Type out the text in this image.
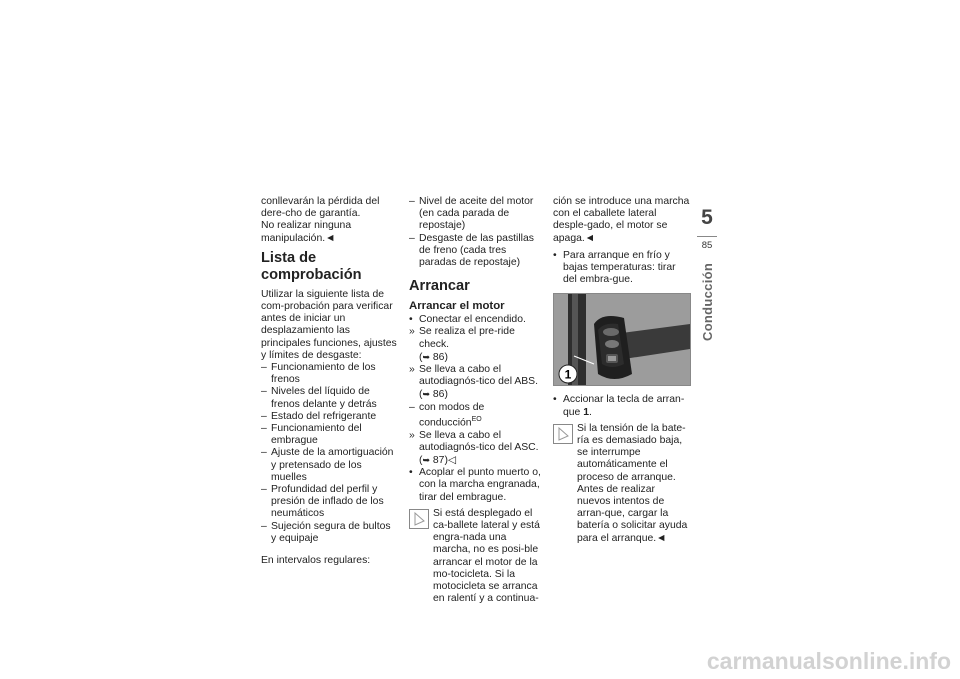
conllevarán la pérdida del dere-cho de garantía.

No realizar ninguna manipulación.◄

Lista de comprobación

Utilizar la siguiente lista de com-probación para verificar antes de iniciar un desplazamiento las principales funciones, ajustes y límites de desgaste:

– Funcionamiento de los frenos
– Niveles del líquido de frenos delante y detrás
– Estado del refrigerante
– Funcionamiento del embrague
– Ajuste de la amortiguación y pretensado de los muelles
– Profundidad del perfil y presión de inflado de los neumáticos
– Sujeción segura de bultos y equipaje

En intervalos regulares:

– Nivel de aceite del motor (en cada parada de repostaje)
– Desgaste de las pastillas de freno (cada tres paradas de repostaje)
Arrancar
Arrancar el motor
• Conectar el encendido.
» Se realiza el pre-ride check.
(➥ 86)
» Se lleva a cabo el autodiagnós-tico del ABS. (➥ 86)
– con modos de conducción$^{EO}$
» Se lleva a cabo el autodiagnós-tico del ASC. (➥ 87)◁
• Acoplar el punto muerto o, con la marcha engranada, tirar del embrague.
Si está desplegado el ca-ballete lateral y está engra-nada una marcha, no es posi-ble arrancar el motor de la mo-tocicleta. Si la motocicleta se arranca en ralentí y a continua-

ción se introduce una marcha con el caballete lateral desple-gado, el motor se apaga.◄

• Para arranque en frío y bajas temperaturas: tirar del embra-gue.
1
• Accionar la tecla de arran-que 1.
Si la tensión de la bate-ría es demasiado baja, se interrumpe automáticamente el proceso de arranque. Antes de realizar nuevos intentos de arran-que, cargar la batería o solicitar ayuda para el arranque.◄
5
85
Conducción
carmanualsonline.info
